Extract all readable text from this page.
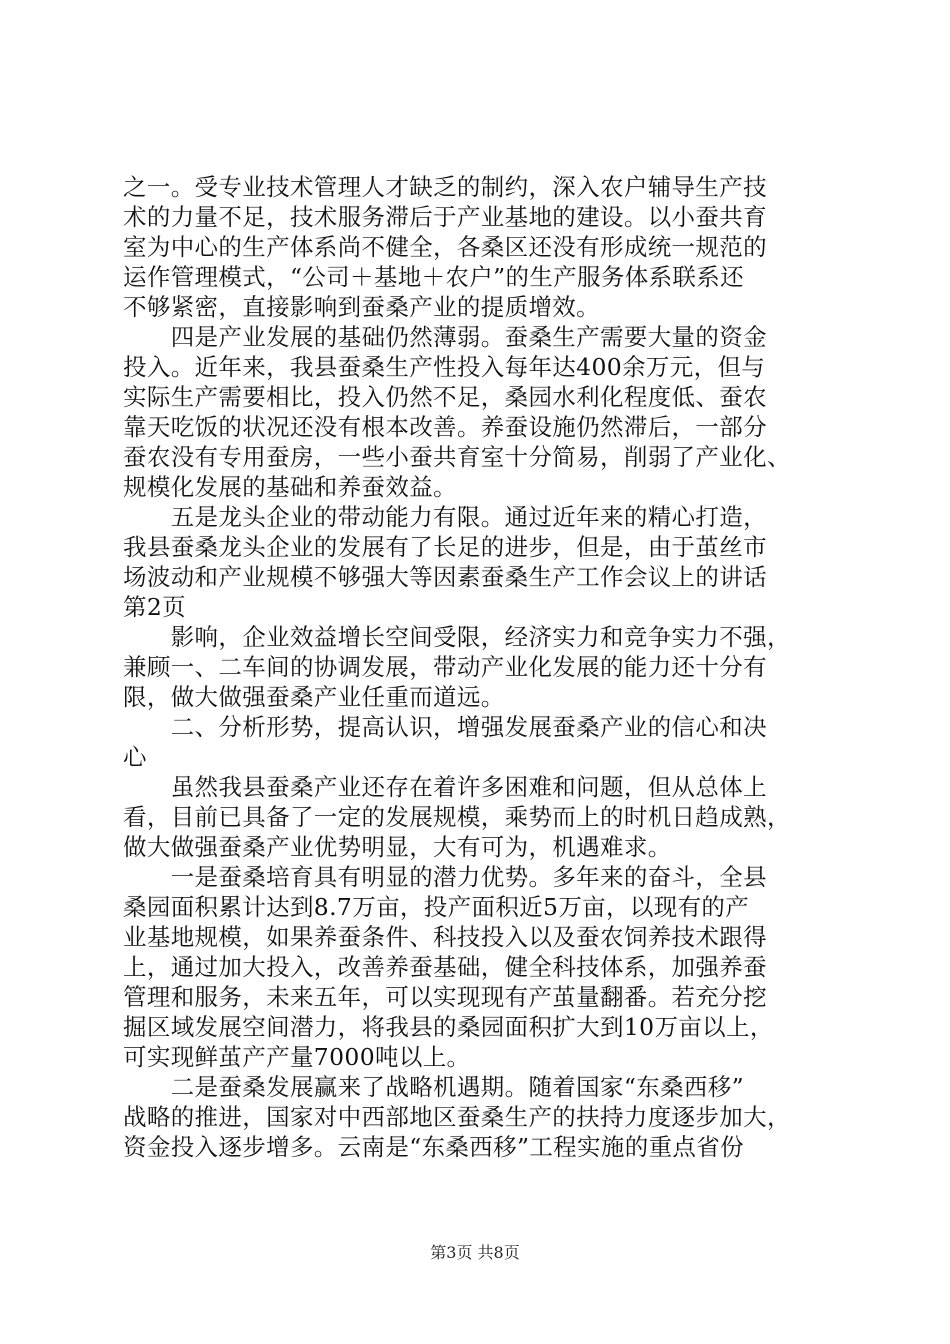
之一。受专业技术管理人才缺乏的制约，深入农户辅导生产技
术的力量不足，技术服务滞后于产业基地的建设。以小蚕共育
室为中心的生产体系尚不健全，各桑区还没有形成统一规范的
运作管理模式，“公司＋基地＋农户”的生产服务体系联系还
不够紧密，直接影响到蚕桑产业的提质增效。
　　四是产业发展的基础仍然薄弱。蚕桑生产需要大量的资金
投入。近年来，我县蚕桑生产性投入每年达400余万元，但与
实际生产需要相比，投入仍然不足，桑园水利化程度低、蚕农
靠天吃饭的状况还没有根本改善。养蚕设施仍然滞后，一部分
蚕农没有专用蚕房，一些小蚕共育室十分简易，削弱了产业化、
规模化发展的基础和养蚕效益。
　　五是龙头企业的带动能力有限。通过近年来的精心打造，
我县蚕桑龙头企业的发展有了长足的进步，但是，由于茧丝市
场波动和产业规模不够强大等因素蚕桑生产工作会议上的讲话
第2页
　　影响，企业效益增长空间受限，经济实力和竞争实力不强，
兼顾一、二车间的协调发展，带动产业化发展的能力还十分有
限，做大做强蚕桑产业任重而道远。
　　二、分析形势，提高认识，增强发展蚕桑产业的信心和决
心
　　虽然我县蚕桑产业还存在着许多困难和问题，但从总体上
看，目前已具备了一定的发展规模，乘势而上的时机日趋成熟，
做大做强蚕桑产业优势明显，大有可为，机遇难求。
　　一是蚕桑培育具有明显的潜力优势。多年来的奋斗，全县
桑园面积累计达到8.7万亩，投产面积近5万亩，以现有的产
业基地规模，如果养蚕条件、科技投入以及蚕农饲养技术跟得
上，通过加大投入，改善养蚕基础，健全科技体系，加强养蚕
管理和服务，未来五年，可以实现现有产茧量翻番。若充分挖
掘区域发展空间潜力，将我县的桑园面积扩大到10万亩以上，
可实现鲜茧产产量7000吨以上。
　　二是蚕桑发展赢来了战略机遇期。随着国家“东桑西移”
战略的推进，国家对中西部地区蚕桑生产的扶持力度逐步加大，
资金投入逐步增多。云南是“东桑西移”工程实施的重点省份
第3页 共8页
